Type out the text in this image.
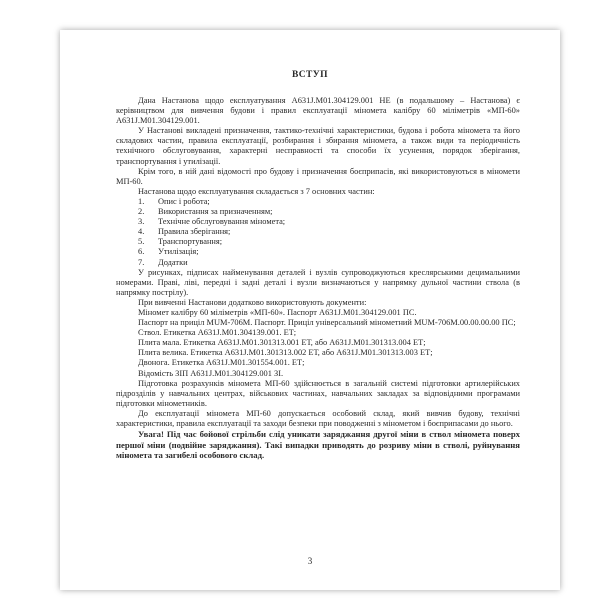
ВСТУП

Дана Настанова щодо експлуатування А631J.М01.304129.001 НЕ (в подальшому – Настанова) є керівництвом для вивчення будови і правил експлуатації мінометa калібру 60 міліметрів «МП-60» А631J.М01.304129.001.

У Настанові викладені призначення, тактико-технічні характеристики, будова і робота міномета та його складових частин, правила експлуатації, розбирання і збирання міномета, а також види та періодичність технічного обслуговування, характерні несправності та способи їх усунення, порядок зберігання, транспортування і утилізації.

Крім того, в ній дані відомості про будову і призначення боєприпасів, які використовуються в міномети МП-60.

Настанова щодо експлуатування складається з 7 основних частин:

1.	Опис і робота;
2.	Використання за призначенням;
3.	Технічне обслуговування міномета;
4.	Правила зберігання;
5.	Транспортування;
6.	Утилізація;
7.	Додатки

У рисунках, підписах найменування деталей і вузлів супроводжуються креслярськими децимальними номерами. Праві, ліві, передні і задні деталі і вузли визначаються у напрямку дульної частини ствола (в напрямку пострілу).

При вивченні Настанови додатково використовують документи:

Міномет калібру 60 міліметрів «МП-60». Паспорт А631J.М01.304129.001 ПС.

Паспорт на приціл MUM-706M. Паспорт. Приціл універсальний мінометний MUM-706M.00.00.00.00 ПС;

Ствол. Етикетка А631J.М01.304139.001. ЕТ;

Плита мала. Етикетка А631J.М01.301313.001 ЕТ, або А631J.М01.301313.004 ЕТ;

Плита велика. Етикетка А631J.М01.301313.002 ЕТ, або А631J.М01.301313.003 ЕТ;

Двонога. Етикетка А631J.М01.301554.001. ЕТ;

Відомість ЗІП А631J.М01.304129.001 ЗІ.

Підготовка розрахунків міномета МП-60 здійснюється в загальній системі підготовки артилерійських підрозділів у навчальних центрах, військових частинах, навчальних закладах за відповідними програмами підготовки мінометників.

До експлуатації міномета МП-60 допускається особовий склад, який вивчив будову, технічні характеристики, правила експлуатації та заходи безпеки при поводженні з мінометом і боєприпасами до нього.

Увага! Під час бойової стрільби слід уникати заряджання другої міни в ствол міномета поверх першої міни (подвійне заряджання). Такі випадки приводять до розриву міни в стволі, руйнування міномета та загибелі особового склад.

3
